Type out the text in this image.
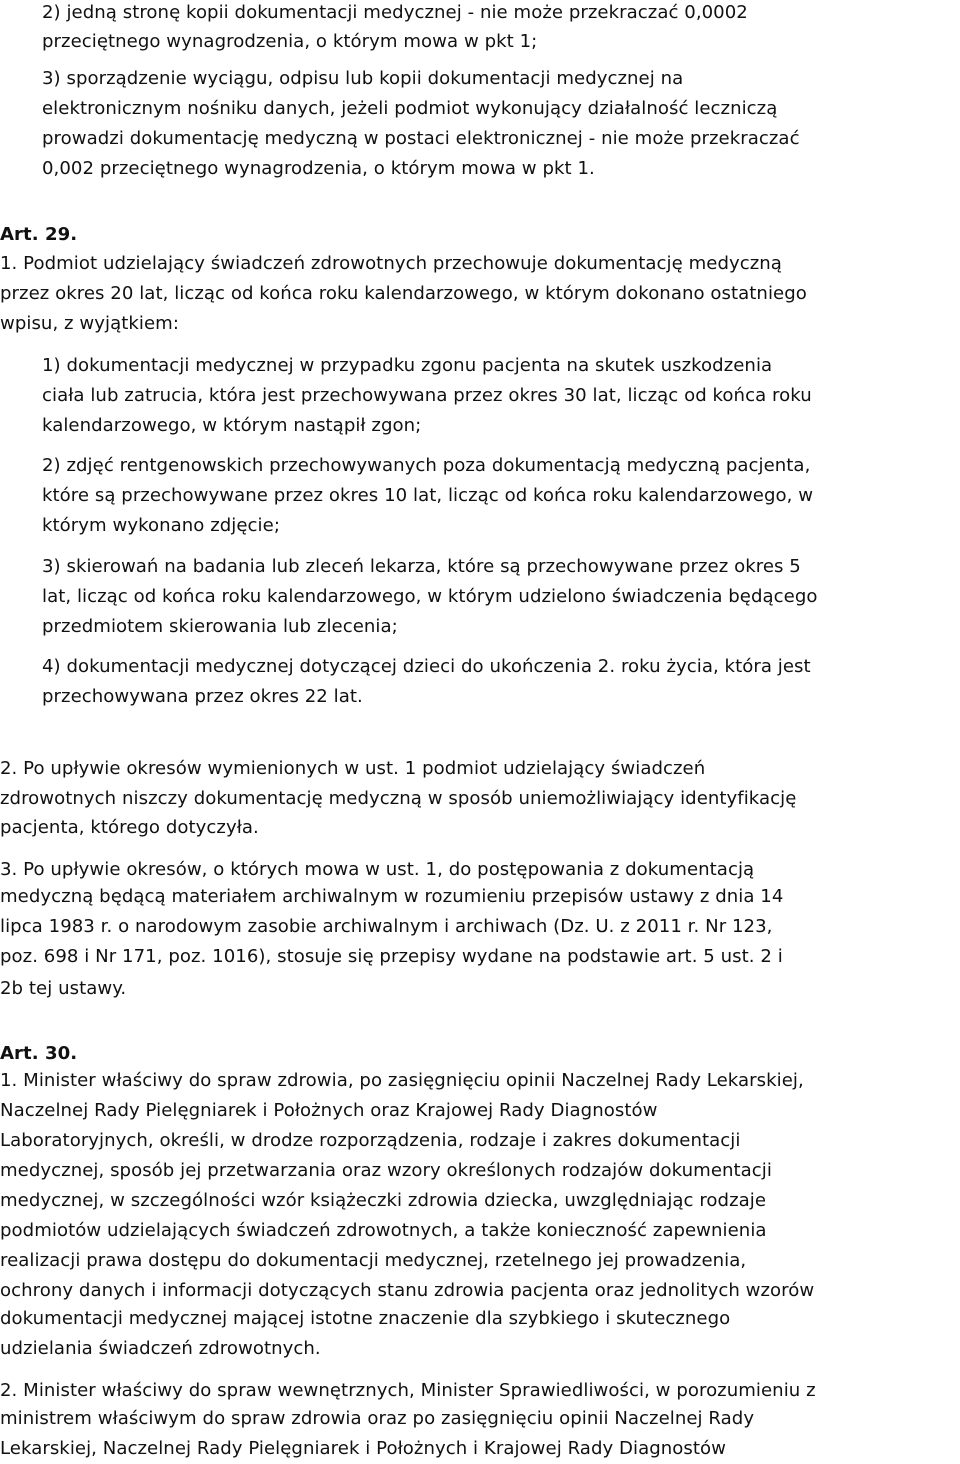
2) jedną stronę kopii dokumentacji medycznej - nie może przekraczać 0,0002
przeciętnego wynagrodzenia, o którym mowa w pkt 1;
3) sporządzenie wyciągu, odpisu lub kopii dokumentacji medycznej na
elektronicznym nośniku danych, jeżeli podmiot wykonujący działalność leczniczą
prowadzi dokumentację medyczną w postaci elektronicznej - nie może przekraczać
0,002 przeciętnego wynagrodzenia, o którym mowa w pkt 1.
Art. 29.
1. Podmiot udzielający świadczeń zdrowotnych przechowuje dokumentację medyczną
przez okres 20 lat, licząc od końca roku kalendarzowego, w którym dokonano ostatniego
wpisu, z wyjątkiem:
1) dokumentacji medycznej w przypadku zgonu pacjenta na skutek uszkodzenia
ciała lub zatrucia, która jest przechowywana przez okres 30 lat, licząc od końca roku
kalendarzowego, w którym nastąpił zgon;
2) zdjęć rentgenowskich przechowywanych poza dokumentacją medyczną pacjenta,
które są przechowywane przez okres 10 lat, licząc od końca roku kalendarzowego, w
którym wykonano zdjęcie;
3) skierowań na badania lub zleceń lekarza, które są przechowywane przez okres 5
lat, licząc od końca roku kalendarzowego, w którym udzielono świadczenia będącego
przedmiotem skierowania lub zlecenia;
4) dokumentacji medycznej dotyczącej dzieci do ukończenia 2. roku życia, która jest
przechowywana przez okres 22 lat.
2. Po upływie okresów wymienionych w ust. 1 podmiot udzielający świadczeń
zdrowotnych niszczy dokumentację medyczną w sposób uniemożliwiający identyfikację
pacjenta, którego dotyczyła.
3. Po upływie okresów, o których mowa w ust. 1, do postępowania z dokumentacją
medyczną będącą materiałem archiwalnym w rozumieniu przepisów ustawy z dnia 14
lipca 1983 r. o narodowym zasobie archiwalnym i archiwach (Dz. U. z 2011 r. Nr 123,
poz. 698 i Nr 171, poz. 1016), stosuje się przepisy wydane na podstawie art. 5 ust. 2 i
2b tej ustawy.
Art. 30.
1. Minister właściwy do spraw zdrowia, po zasięgnięciu opinii Naczelnej Rady Lekarskiej,
Naczelnej Rady Pielęgniarek i Położnych oraz Krajowej Rady Diagnostów
Laboratoryjnych, określi, w drodze rozporządzenia, rodzaje i zakres dokumentacji
medycznej, sposób jej przetwarzania oraz wzory określonych rodzajów dokumentacji
medycznej, w szczególności wzór książeczki zdrowia dziecka, uwzględniając rodzaje
podmiotów udzielających świadczeń zdrowotnych, a także konieczność zapewnienia
realizacji prawa dostępu do dokumentacji medycznej, rzetelnego jej prowadzenia,
ochrony danych i informacji dotyczących stanu zdrowia pacjenta oraz jednolitych wzorów
dokumentacji medycznej mającej istotne znaczenie dla szybkiego i skutecznego
udzielania świadczeń zdrowotnych.
2. Minister właściwy do spraw wewnętrznych, Minister Sprawiedliwości, w porozumieniu z
ministrem właściwym do spraw zdrowia oraz po zasięgnięciu opinii Naczelnej Rady
Lekarskiej, Naczelnej Rady Pielęgniarek i Położnych i Krajowej Rady Diagnostów
